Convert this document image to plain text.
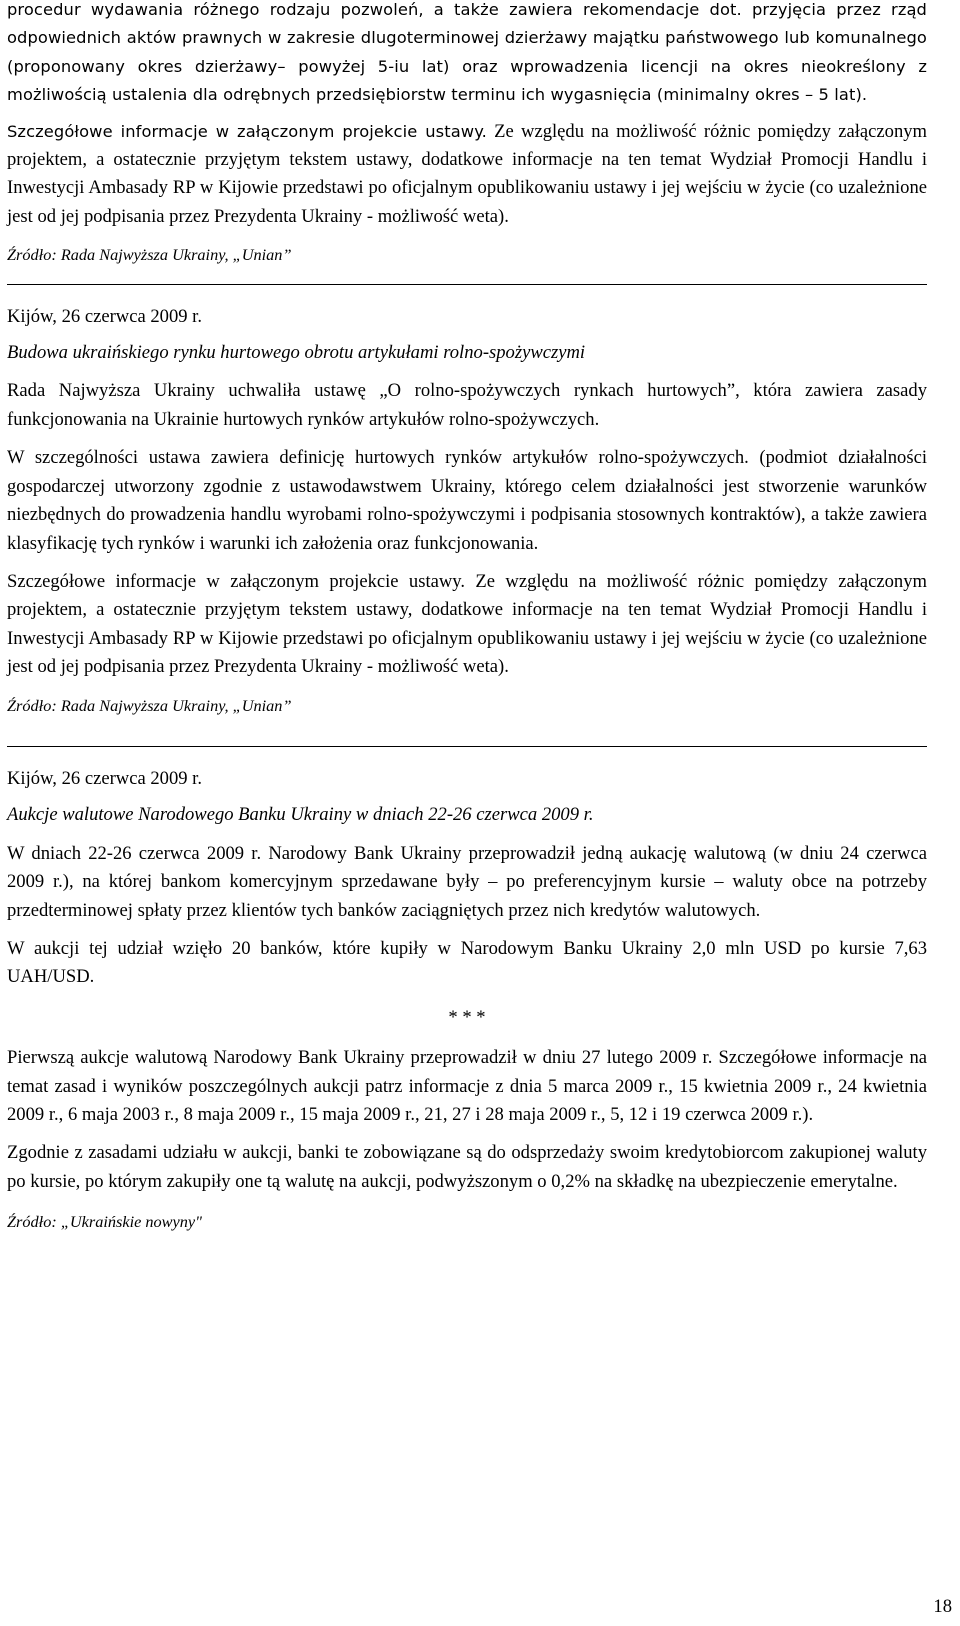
procedur wydawania różnego rodzaju pozwoleń, a także zawiera rekomendacje dot. przyjęcia przez rząd odpowiednich aktów prawnych w zakresie dlugoterminowej dzierżawy majątku państwowego lub komunalnego (proponowany okres dzierżawy– powyżej 5-iu lat) oraz wprowadzenia licencji na okres nieokreślony z możliwością ustalenia dla odrębnych przedsiębiorstw terminu ich wygasnięcia (minimalny okres – 5 lat).

Szczegółowe informacje w załączonym projekcie ustawy. Ze względu na możliwość różnic pomiędzy załączonym projektem, a ostatecznie przyjętym tekstem ustawy, dodatkowe informacje na ten temat Wydział Promocji Handlu i Inwestycji Ambasady RP w Kijowie przedstawi po oficjalnym opublikowaniu ustawy i jej wejściu w życie (co uzależnione jest od jej podpisania przez Prezydenta Ukrainy - możliwość weta).

Źródło: Rada Najwyższa Ukrainy, „Unian”

Kijów, 26 czerwca 2009 r.

Budowa ukraińskiego rynku hurtowego obrotu artykułami rolno-spożywczymi

Rada Najwyższa Ukrainy uchwaliła ustawę „O rolno-spożywczych rynkach hurtowych”, która zawiera zasady funkcjonowania na Ukrainie hurtowych rynków artykułów rolno-spożywczych.

W szczególności ustawa zawiera definicję hurtowych rynków artykułów rolno-spożywczych. (podmiot działalności gospodarczej utworzony zgodnie z ustawodawstwem Ukrainy, którego celem działalności jest stworzenie warunków niezbędnych do prowadzenia handlu wyrobami rolno-spożywczymi i podpisania stosownych kontraktów), a także zawiera klasyfikację tych rynków i warunki ich założenia oraz funkcjonowania.

Szczegółowe informacje w załączonym projekcie ustawy. Ze względu na możliwość różnic pomiędzy załączonym projektem, a ostatecznie przyjętym tekstem ustawy, dodatkowe informacje na ten temat Wydział Promocji Handlu i Inwestycji Ambasady RP w Kijowie przedstawi po oficjalnym opublikowaniu ustawy i jej wejściu w życie (co uzależnione jest od jej podpisania przez Prezydenta Ukrainy - możliwość weta).

Źródło: Rada Najwyższa Ukrainy, „Unian”

Kijów, 26 czerwca 2009 r.

Aukcje walutowe Narodowego Banku Ukrainy w dniach 22-26 czerwca 2009 r.

W dniach 22-26 czerwca 2009 r. Narodowy Bank Ukrainy przeprowadził jedną aukację walutową (w dniu 24 czerwca 2009 r.), na której bankom komercyjnym sprzedawane były – po preferencyjnym kursie – waluty obce na potrzeby przedterminowej spłaty przez klientów tych banków zaciągniętych przez nich kredytów walutowych.

W aukcji tej udział wzięło 20 banków, które kupiły w Narodowym Banku Ukrainy 2,0 mln USD po kursie 7,63 UAH/USD.

* * *

Pierwszą aukcje walutową Narodowy Bank Ukrainy przeprowadził w dniu 27 lutego 2009 r. Szczegółowe informacje na temat zasad i wyników poszczególnych aukcji patrz informacje z dnia 5 marca 2009 r., 15 kwietnia 2009 r., 24 kwietnia 2009 r., 6 maja 2003 r., 8 maja 2009 r., 15 maja 2009 r., 21, 27 i 28 maja 2009 r., 5, 12 i 19 czerwca 2009 r.).

Zgodnie z zasadami udziału w aukcji, banki te zobowiązane są do odsprzedaży swoim kredytobiorcom zakupionej waluty po kursie, po którym zakupiły one tą walutę na aukcji, podwyższonym o 0,2% na składkę na ubezpieczenie emerytalne.

Źródło: „Ukraińskie nowyny"

18
